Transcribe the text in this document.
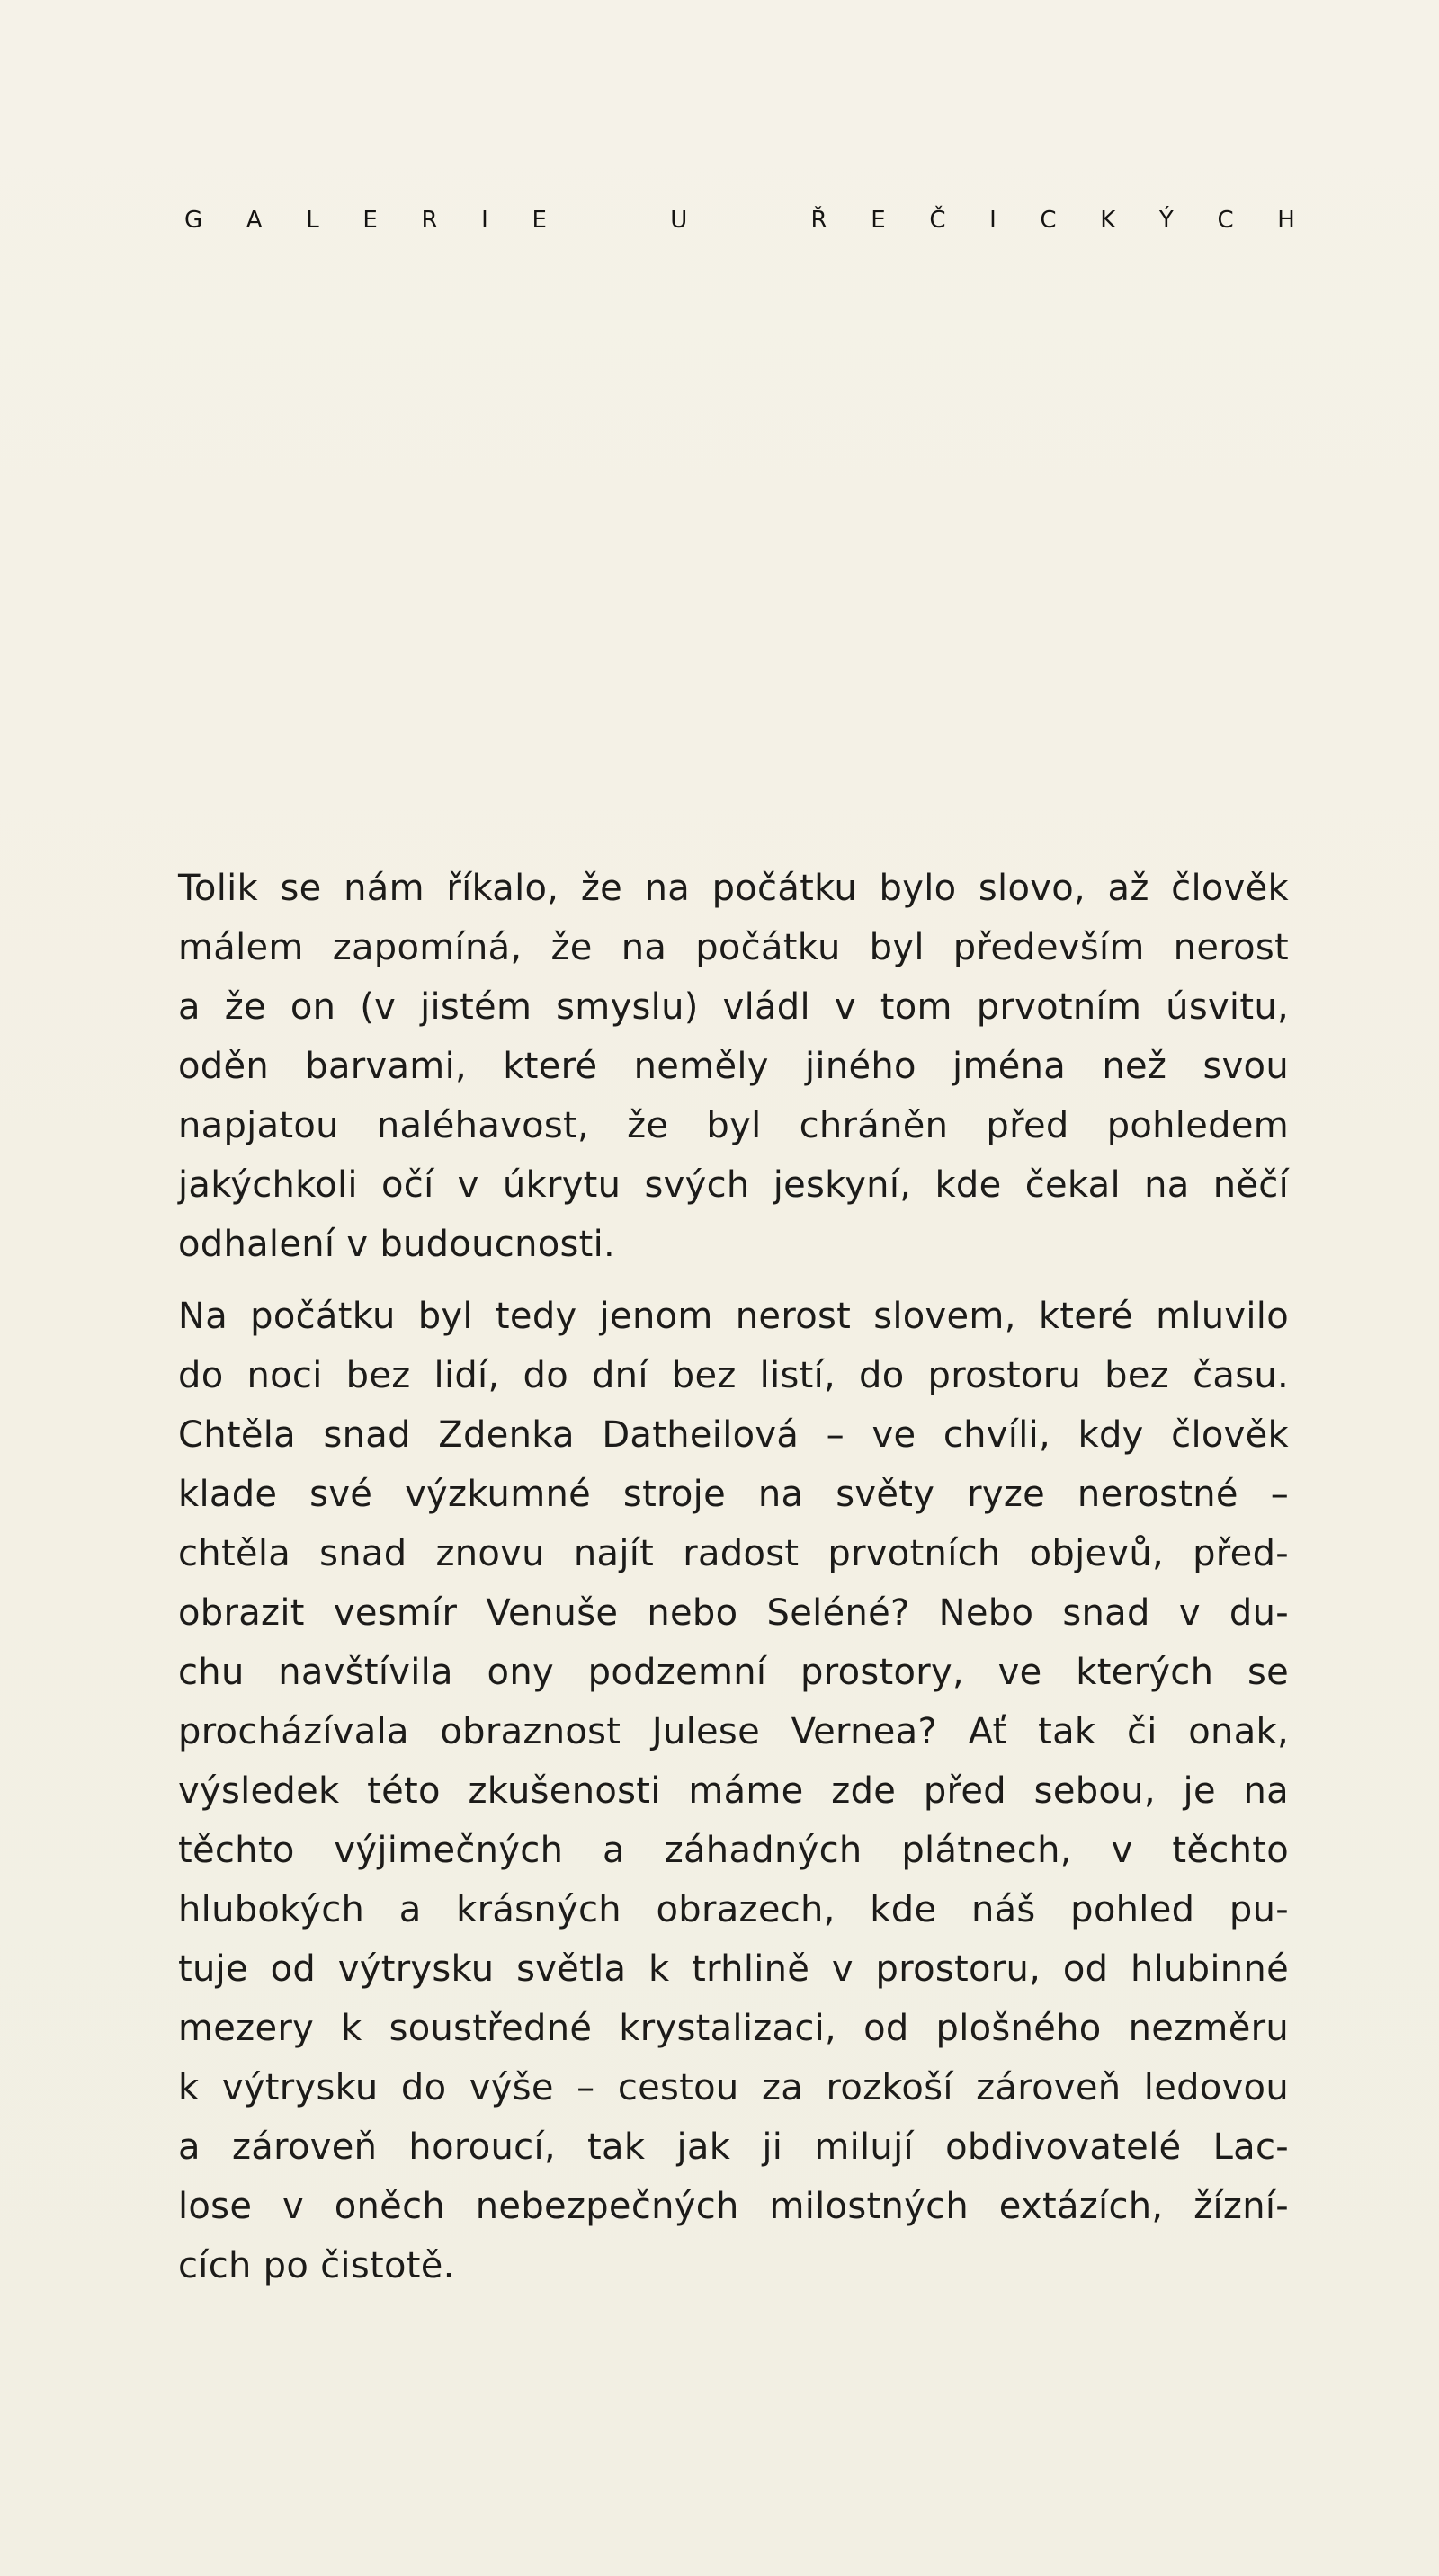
G A L E R I E	U	Ř E Č I C K Ý C H
Tolik se nám říkalo, že na počátku bylo slovo, až člověk
málem zapomíná, že na počátku byl především nerost
a že on (v jistém smyslu) vládl v tom prvotním úsvitu,
oděn barvami, které neměly jiného jména než svou
napjatou naléhavost, že byl chráněn před pohledem
jakýchkoli očí v úkrytu svých jeskyní, kde čekal na něčí
odhalení v budoucnosti.
Na počátku byl tedy jenom nerost slovem, které mluvilo
do noci bez lidí, do dní bez listí, do prostoru bez času.
Chtěla snad Zdenka Datheilová – ve chvíli, kdy člověk
klade své výzkumné stroje na světy ryze nerostné –
chtěla snad znovu najít radost prvotních objevů, před-
obrazit vesmír Venuše nebo Seléné? Nebo snad v du-
chu navštívila ony podzemní prostory, ve kterých se
procházívala obraznost Julese Vernea? Ať tak či onak,
výsledek této zkušenosti máme zde před sebou, je na
těchto výjimečných a záhadných plátnech, v těchto
hlubokých a krásných obrazech, kde náš pohled pu-
tuje od výtrysku světla k trhlině v prostoru, od hlubinné
mezery k soustředné krystalizaci, od plošného nezměru
k výtrysku do výše – cestou za rozkoší zároveň ledovou
a zároveň horoucí, tak jak ji milují obdivovatelé Lac-
lose v oněch nebezpečných milostných extázích, žízní-
cích po čistotě.
